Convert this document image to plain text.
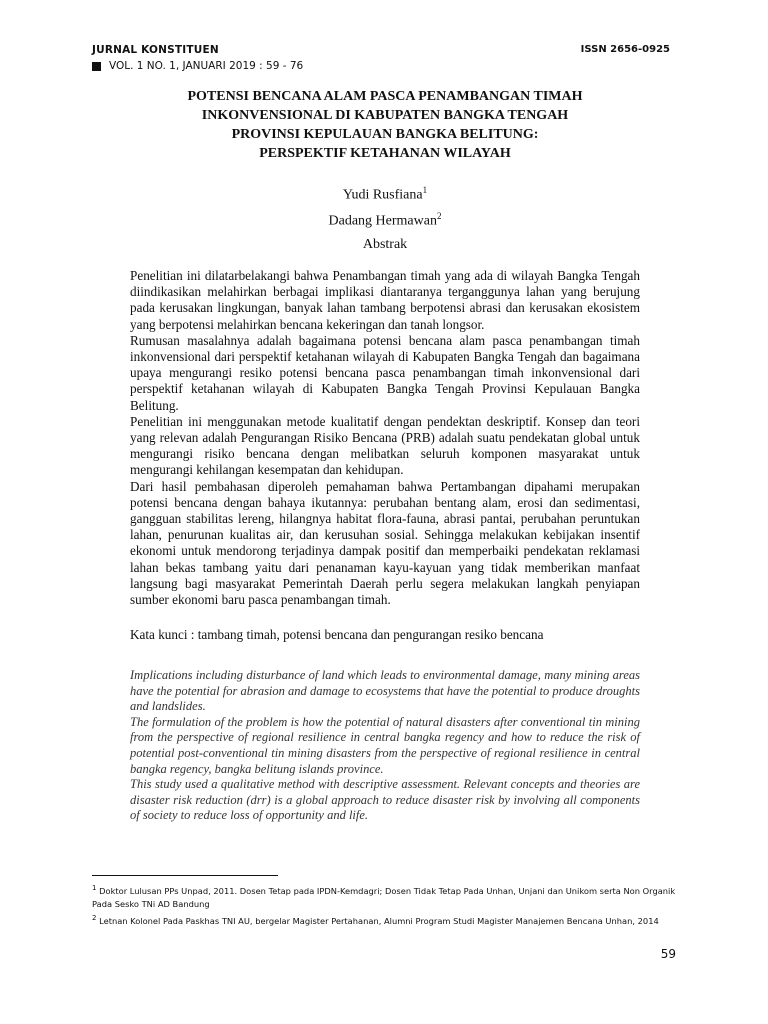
JURNAL KONSTITUEN	ISSN 2656-0925
VOL. 1 NO. 1, JANUARI 2019 : 59 - 76
POTENSI BENCANA ALAM PASCA PENAMBANGAN TIMAH
INKONVENSIONAL DI KABUPATEN BANGKA TENGAH
PROVINSI KEPULAUAN BANGKA BELITUNG:
PERSPEKTIF KETAHANAN WILAYAH
Yudi Rusfiana$^1$
Dadang Hermawan$^2$
Abstrak

Penelitian ini dilatarbelakangi bahwa Penambangan timah yang ada di wilayah Bangka Tengah diindikasikan melahirkan berbagai implikasi diantaranya terganggunya lahan yang berujung pada kerusakan lingkungan, banyak lahan tambang berpotensi abrasi dan kerusakan ekosistem yang berpotensi melahirkan bencana kekeringan dan tanah longsor.

Rumusan masalahnya adalah bagaimana potensi bencana alam pasca penambangan timah inkonvensional dari perspektif ketahanan wilayah di Kabupaten Bangka Tengah dan bagaimana upaya mengurangi resiko potensi bencana pasca penambangan timah inkonvensional dari perspektif ketahanan wilayah di Kabupaten Bangka Tengah Provinsi Kepulauan Bangka Belitung.

Penelitian ini menggunakan metode kualitatif dengan pendektan deskriptif. Konsep dan teori yang relevan adalah Pengurangan Risiko Bencana (PRB) adalah suatu pendekatan global untuk mengurangi risiko bencana dengan melibatkan seluruh komponen masyarakat untuk mengurangi kehilangan kesempatan dan kehidupan.

Dari hasil pembahasan diperoleh pemahaman bahwa Pertambangan dipahami merupakan potensi bencana dengan bahaya ikutannya: perubahan bentang alam, erosi dan sedimentasi, gangguan stabilitas lereng, hilangnya habitat flora-fauna, abrasi pantai, perubahan peruntukan lahan, penurunan kualitas air, dan kerusuhan sosial. Sehingga melakukan kebijakan insentif ekonomi untuk mendorong terjadinya dampak positif dan memperbaiki pendekatan reklamasi lahan bekas tambang yaitu dari penanaman kayu-kayuan yang tidak memberikan manfaat langsung bagi masyarakat Pemerintah Daerah perlu segera melakukan langkah penyiapan sumber ekonomi baru pasca penambangan timah.

Kata kunci : tambang timah, potensi bencana dan pengurangan resiko bencana

Implications including disturbance of land which leads to environmental damage, many mining areas have the potential for abrasion and damage to ecosystems that have the potential to produce droughts and landslides.

The formulation of the problem is how the potential of natural disasters after conventional tin mining from the perspective of regional resilience in central bangka regency and how to reduce the risk of potential post-conventional tin mining disasters from the perspective of regional resilience in central bangka regency, bangka belitung islands province.

This study used a qualitative method with descriptive assessment. Relevant concepts and theories are disaster risk reduction (drr) is a global approach to reduce disaster risk by involving all components of society to reduce loss of opportunity and life.

$^1$ Doktor Lulusan PPs Unpad, 2011. Dosen Tetap pada IPDN-Kemdagri; Dosen Tidak Tetap Pada Unhan, Unjani dan Unikom serta Non Organik Pada Sesko TNi AD Bandung

$^2$ Letnan Kolonel Pada Paskhas TNI AU, bergelar Magister Pertahanan, Alumni Program Studi Magister Manajemen Bencana Unhan, 2014

59
